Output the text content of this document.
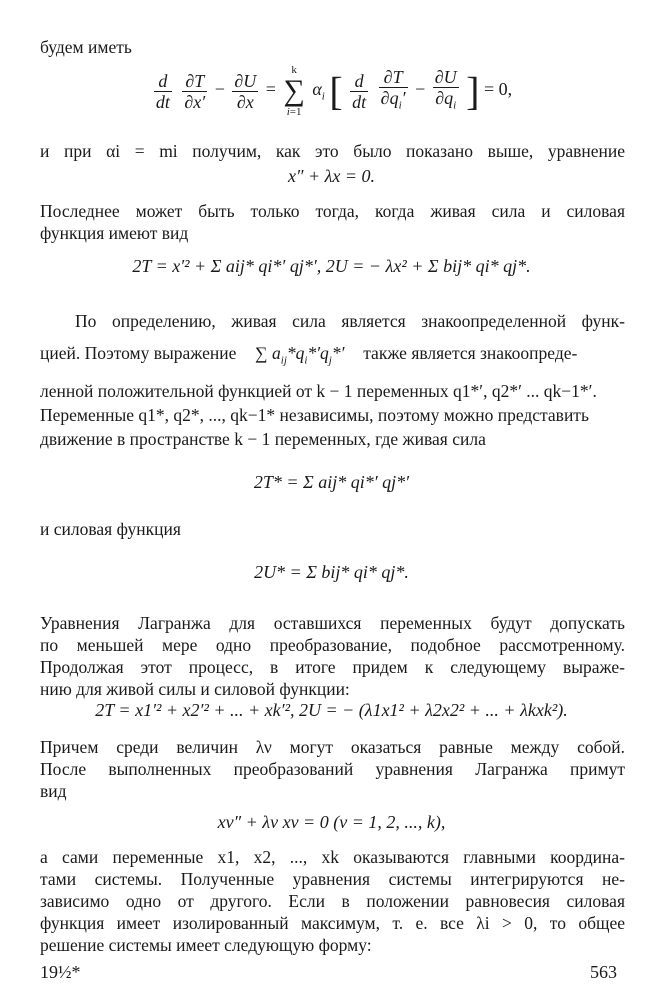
будем иметь
$\frac{d}{dt}$
$\frac{\partial T}{\partial x'} - \frac{\partial U}{\partial x}$ =
k
∑
i=1
$\alpha_i$ [ $\frac{d}{dt}$
$\frac{\partial T}{\partial q_i'} - \frac{\partial U}{\partial q_i}$ ] = 0,
и при αi = mi получим, как это было показано выше, уравнение
x″ + λx = 0.
Последнее может быть только тогда, когда живая сила и силовая
функция имеют вид
2T = x′² + Σ aij* qi*′ qj*′, 2U = − λx² + Σ bij* qi* qj*.
По определению, живая сила является знакоопределенной функ-
цией. Поэтому выражение ∑ $a_{ij}*q_i*'q_j*'$ также является знакоопреде-
ленной положительной функцией от k − 1 переменных q1*′, q2*′ ... qk−1*′.
Переменные q1*, q2*, ..., qk−1* независимы, поэтому можно представить
движение в пространстве k − 1 переменных, где живая сила
2T* = Σ aij* qi*′ qj*′
и силовая функция
2U* = Σ bij* qi* qj*.
Уравнения Лагранжа для оставшихся переменных будут допускать
по меньшей мере одно преобразование, подобное рассмотренному.
Продолжая этот процесс, в итоге придем к следующему выраже-
нию для живой силы и силовой функции:
2T = x1′² + x2′² + ... + xk′², 2U = − (λ1x1² + λ2x2² + ... + λkxk²).
Причем среди величин λν могут оказаться равные между собой.
После выполненных преобразований уравнения Лагранжа примут
вид
xν″ + λν xν = 0 (ν = 1, 2, ..., k),
а сами переменные x1, x2, ..., xk оказываются главными координа-
тами системы. Полученные уравнения системы интегрируются не-
зависимо одно от другого. Если в положении равновесия силовая
функция имеет изолированный максимум, т. е. все λi > 0, то общее
решение системы имеет следующую форму:
19½*	563
